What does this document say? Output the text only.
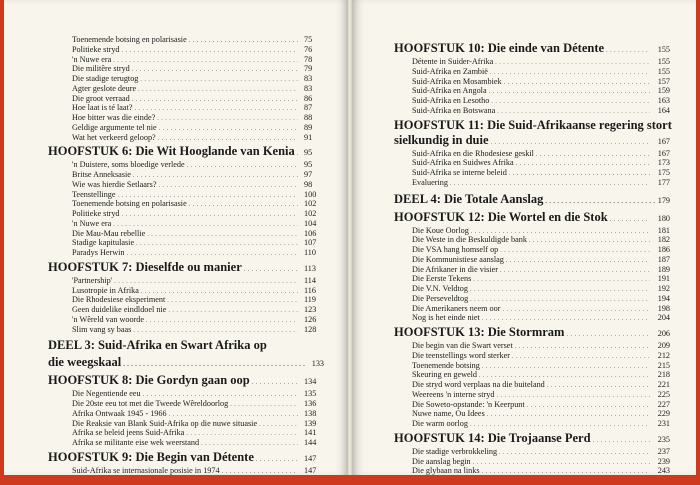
Toenemende botsing en polarisasie . . .	75
Politieke stryd . . .	76
'n Nuwe era . . .	78
Die militêre stryd . . .	79
Die stadige terugtog . . .	83
Agter geslote deure . . .	83
Die groot verraad . . .	86
Hoe laat is té laat? . . .	87
Hoe bitter was die einde? . . .	88
Geldige argumente tel nie . . .	89
Wat het verkeerd geloop? . . .	91
HOOFSTUK 6: Die Wit Hooglande van Kenia . . .	95
'n Duistere, soms bloedige verlede . . .	95
Britse Anneksasie . . .	97
Wie was hierdie Setlaars? . . .	98
Teenstellinge . . .	100
Toenemende botsing en polarisasie . . .	102
Politieke stryd . . .	102
'n Nuwe era . . .	104
Die Mau-Mau rebellie . . .	106
Stadige kapitulasie . . .	107
Paradys Herwin . . .	110
HOOFSTUK 7: Dieselfde ou manier . . .	113
'Partnership' . . .	114
Lusotropie in Afrika . . .	116
Die Rhodesiese eksperiment . . .	119
Geen duidelike eindldoel nie . . .	123
'n Wêreld van woorde . . .	126
Slim vang sy baas . . .	128
DEEL 3: Suid-Afrika en Swart Afrika op
die weegskaal . . .	133
HOOFSTUK 8: Die Gordyn gaan oop . . .	134
Die Negentiende eeu . . .	135
Die 20ste eeu tot met die Tweede Wêreldoorlog . . .	136
Afrika Ontwaak 1945 - 1966 . . .	138
Die Reaksie van Blank Suid-Afrika op die nuwe situasie . . .	139
Afrika se beleid jeens Suid-Afrika . . .	141
Afrika se militante eise wek weerstand . . .	144
HOOFSTUK 9: Die Begin van Détente . . .	147
Suid-Afrika se internasionale posisie in 1974 . . .	147
HOOFSTUK 10: Die einde van Détente . . .	155
Détente in Suider-Afrika . . .	155
Suid-Afrika en Zambië . . .	155
Suid-Afrika en Mosambiek . . .	157
Suid-Afrika en Angola . . .	159
Suid-Afrika en Lesotho . . .	163
Suid-Afrika en Botswana . . .	164
HOOFSTUK 11: Die Suid-Afrikaanse regering stort
sielkundig in duie . . .	167
Suid-Afrika en die Rhodesiese geskil . . .	167
Suid-Afrika en Suidwes Afrika . . .	173
Suid-Afrika se interne beleid . . .	175
Evaluering . . .	177
DEEL 4: Die Totale Aanslag . . .	179
HOOFSTUK 12: Die Wortel en die Stok . . .	180
Die Koue Oorlog . . .	181
Die Weste in die Beskuldigde bank . . .	182
Die VSA hang homself op . . .	186
Die Kommunistiese aanslag . . .	187
Die Afrikaner in die visier . . .	189
Die Eerste Tekens . . .	191
Die V.N. Veldtog . . .	192
Die Perseveldtog . . .	194
Die Amerikaners neem oor . . .	198
Nog is het einde niet . . .	204
HOOFSTUK 13: Die Stormram . . .	206
Die begin van die Swart verset . . .	209
Die teenstellings word sterker . . .	212
Toenemende botsing . . .	215
Skeuring en geweld . . .	218
Die stryd word verplaas na die buiteland . . .	221
Weereens 'n interne stryd . . .	225
Die Soweto-opstande: 'n Keerpunt . . .	227
Nuwe name, Ou Idees . . .	229
Die warm oorlog . . .	231
HOOFSTUK 14: Die Trojaanse Perd . . .	235
Die stadige verbrokkeling . . .	237
Die aanslag begin . . .	239
Die glybaan na links . . .	243
